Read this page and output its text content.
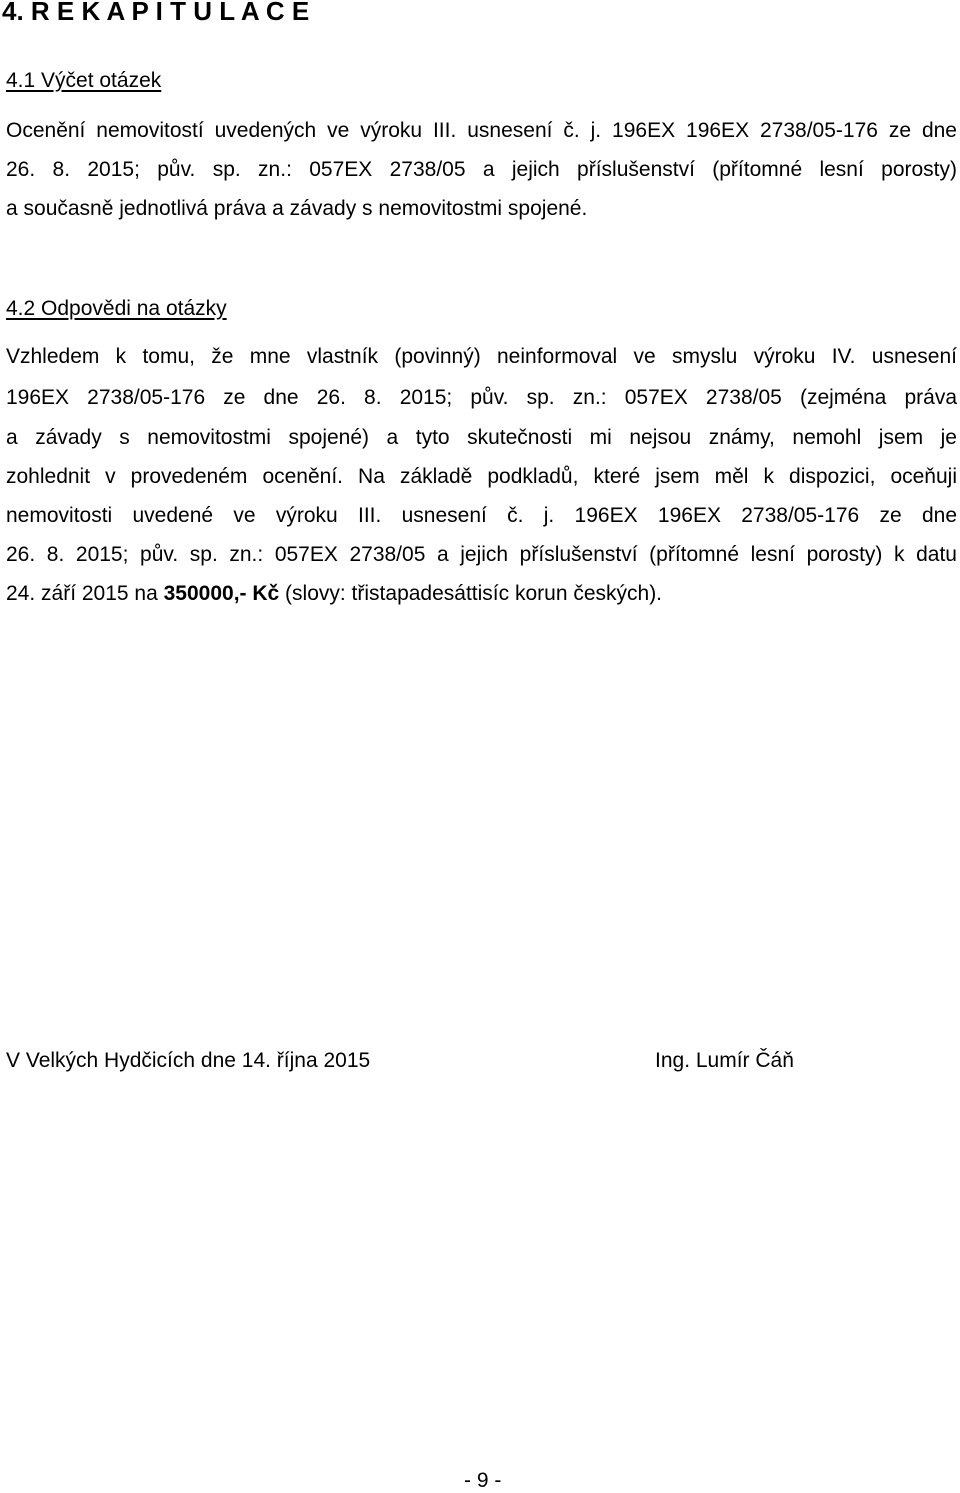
4. R E K A P I T U L A C E
4.1 Výčet otázek
Ocenění nemovitostí uvedených ve výroku III. usnesení č. j. 196EX 196EX 2738/05-176 ze dne
26. 8. 2015; pův. sp. zn.: 057EX 2738/05 a jejich příslušenství (přítomné lesní porosty)
a současně jednotlivá práva a závady s nemovitostmi spojené.
4.2 Odpovědi na otázky
Vzhledem k tomu, že mne vlastník (povinný) neinformoval ve smyslu výroku IV. usnesení
196EX 2738/05-176 ze dne 26. 8. 2015; pův. sp. zn.: 057EX 2738/05 (zejména práva
a závady s nemovitostmi spojené) a tyto skutečnosti mi nejsou známy, nemohl jsem je
zohlednit v provedeném ocenění. Na základě podkladů, které jsem měl k dispozici, oceňuji
nemovitosti uvedené ve výroku III. usnesení č. j. 196EX 196EX 2738/05-176 ze dne
26. 8. 2015; pův. sp. zn.: 057EX 2738/05 a jejich příslušenství (přítomné lesní porosty) k datu
24. září 2015 na 350000,- Kč (slovy: třistapadesáttisíc korun českých).
V Velkých Hydčicích dne 14. října 2015	Ing. Lumír Čáň
- 9 -
